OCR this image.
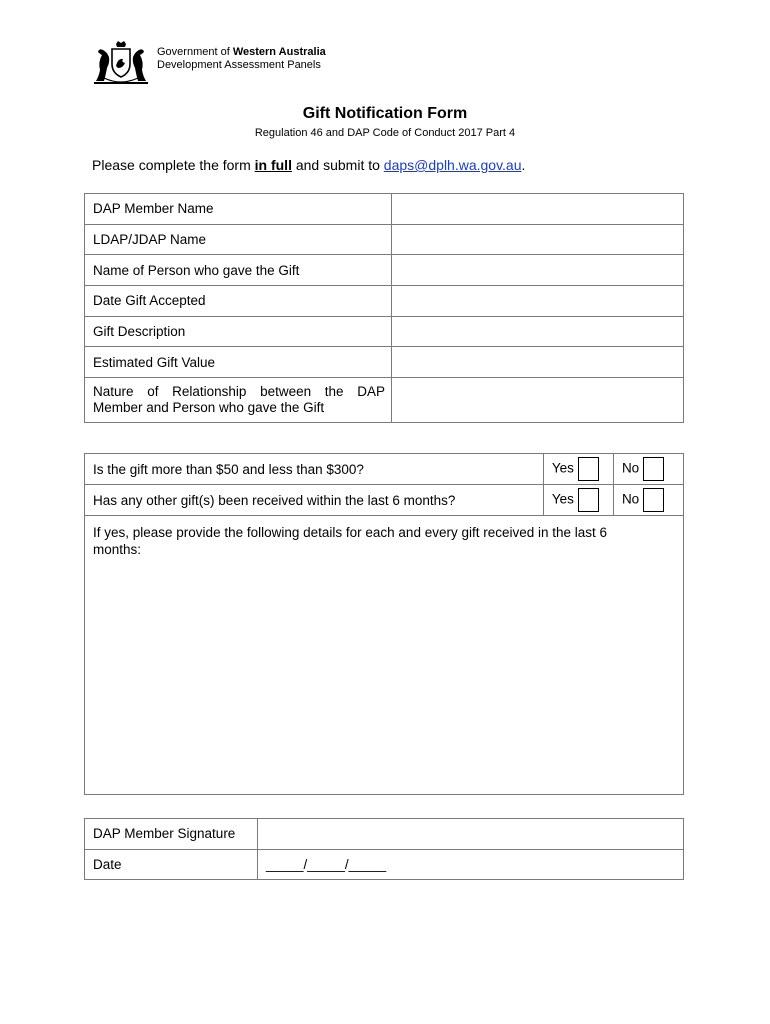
Government of Western Australia
Development Assessment Panels
Gift Notification Form
Regulation 46 and DAP Code of Conduct 2017 Part 4
Please complete the form in full and submit to daps@dplh.wa.gov.au.
DAP Member Name	
LDAP/JDAP Name	
Name of Person who gave the Gift	
Date Gift Accepted	
Gift Description	
Estimated Gift Value	
Nature of Relationship between the DAP Member and Person who gave the Gift	
Is the gift more than $50 and less than $300?	Yes	No
Has any other gift(s) been received within the last 6 months?	Yes	No
If yes, please provide the following details for each and every gift received in the last 6 months:		
DAP Member Signature	
Date	_____/_____/_____
